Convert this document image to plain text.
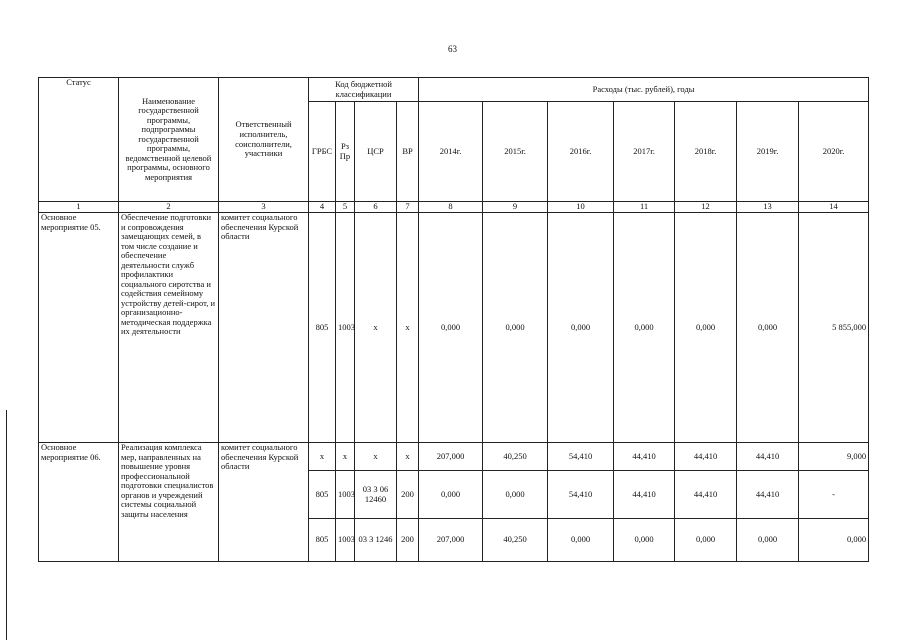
63
Статус	Наименование государственной программы, подпрограммы государственной программы, ведомственной целевой программы, основного мероприятия	Ответственный исполнитель, соисполнители, участники	Код бюджетной классификации				Расходы (тыс. рублей), годы						
			ГРБС	Рз Пр	ЦСР	ВР	2014г.	2015г.	2016г.	2017г.	2018г.	2019г.	2020г.
1	2	3	4	5	6	7	8	9	10	11	12	13	14
Основное мероприятие 05.	Обеспечение подготовки и сопровождения замещающих семей, в том числе создание и обеспечение деятельности служб профилактики социального сиротства и содействия семейному устройству детей-сирот, и организационно-методическая поддержка их деятельности	комитет социального обеспечения Курской области	805	1003	х	х	0,000	0,000	0,000	0,000	0,000	0,000	5 855,000
Основное мероприятие 06.	Реализация комплекса мер, направленных на повышение уровня профессиональной подготовки специалистов органов и учреждений системы социальной защиты населения	комитет социального обеспечения Курской области	х	х	х	х	207,000	40,250	54,410	44,410	44,410	44,410	9,000
			805	1003	03 3 06 12460	200	0,000	0,000	54,410	44,410	44,410	44,410	-
			805	1003	03 3 1246	200	207,000	40,250	0,000	0,000	0,000	0,000	0,000
